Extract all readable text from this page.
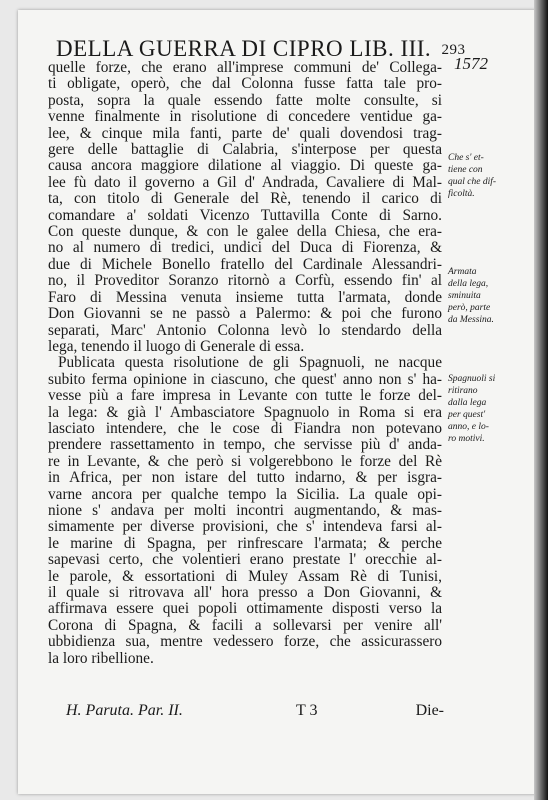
DELLA GUERRA DI CIPRO LIB. III. 293
1572
quelle forze, che erano all'imprese communi de' Collega-
ti obligate, operò, che dal Colonna fusse fatta tale pro-
posta, sopra la quale essendo fatte molte consulte, si
venne finalmente in risolutione di concedere ventidue ga-
lee, & cinque mila fanti, parte de' quali dovendosi trag-
gere delle battaglie di Calabria, s'interpose per questa
causa ancora maggiore dilatione al viaggio. Di queste ga-
lee fù dato il governo a Gil d' Andrada, Cavaliere di Mal-
ta, con titolo di Generale del Rè, tenendo il carico di
comandare a' soldati Vicenzo Tuttavilla Conte di Sarno.
Con queste dunque, & con le galee della Chiesa, che era-
no al numero di tredici, undici del Duca di Fiorenza, &
due di Michele Bonello fratello del Cardinale Alessandri-
no, il Proveditor Soranzo ritornò a Corfù, essendo fin' al
Faro di Messina venuta insieme tutta l'armata, donde
Don Giovanni se ne passò a Palermo: & poi che furono
separati, Marc' Antonio Colonna levò lo stendardo della
lega, tenendo il luogo di Generale di essa.
Publicata questa risolutione de gli Spagnuoli, ne nacque
subito ferma opinione in ciascuno, che quest' anno non s' ha-
vesse più a fare impresa in Levante con tutte le forze del-
la lega: & già l' Ambasciatore Spagnuolo in Roma si era
lasciato intendere, che le cose di Fiandra non potevano
prendere rassettamento in tempo, che servisse più d' anda-
re in Levante, & che però si volgerebbono le forze del Rè
in Africa, per non istare del tutto indarno, & per isgra-
varne ancora per qualche tempo la Sicilia. La quale opi-
nione s' andava per molti incontri augmentando, & mas-
simamente per diverse provisioni, che s' intendeva farsi al-
le marine di Spagna, per rinfrescare l'armata; & perche
sapevasi certo, che volentieri erano prestate l' orecchie al-
le parole, & essortationi di Muley Assam Rè di Tunisi,
il quale si ritrovava all' hora presso a Don Giovanni, &
affirmava essere quei popoli ottimamente disposti verso la
Corona di Spagna, & facili a sollevarsi per venire all'
ubbidienza sua, mentre vedessero forze, che assicurassero
la loro ribellione.
Che s' et-
tiene con
qual che dif-
ficoltà.
Armata
della lega,
sminuita
però, parte
da Messina.
Spagnuoli si
ritirano
dalla lega
per quest'
anno, e lo-
ro motivi.
H. Paruta. Par. II.	T 3	Die-
